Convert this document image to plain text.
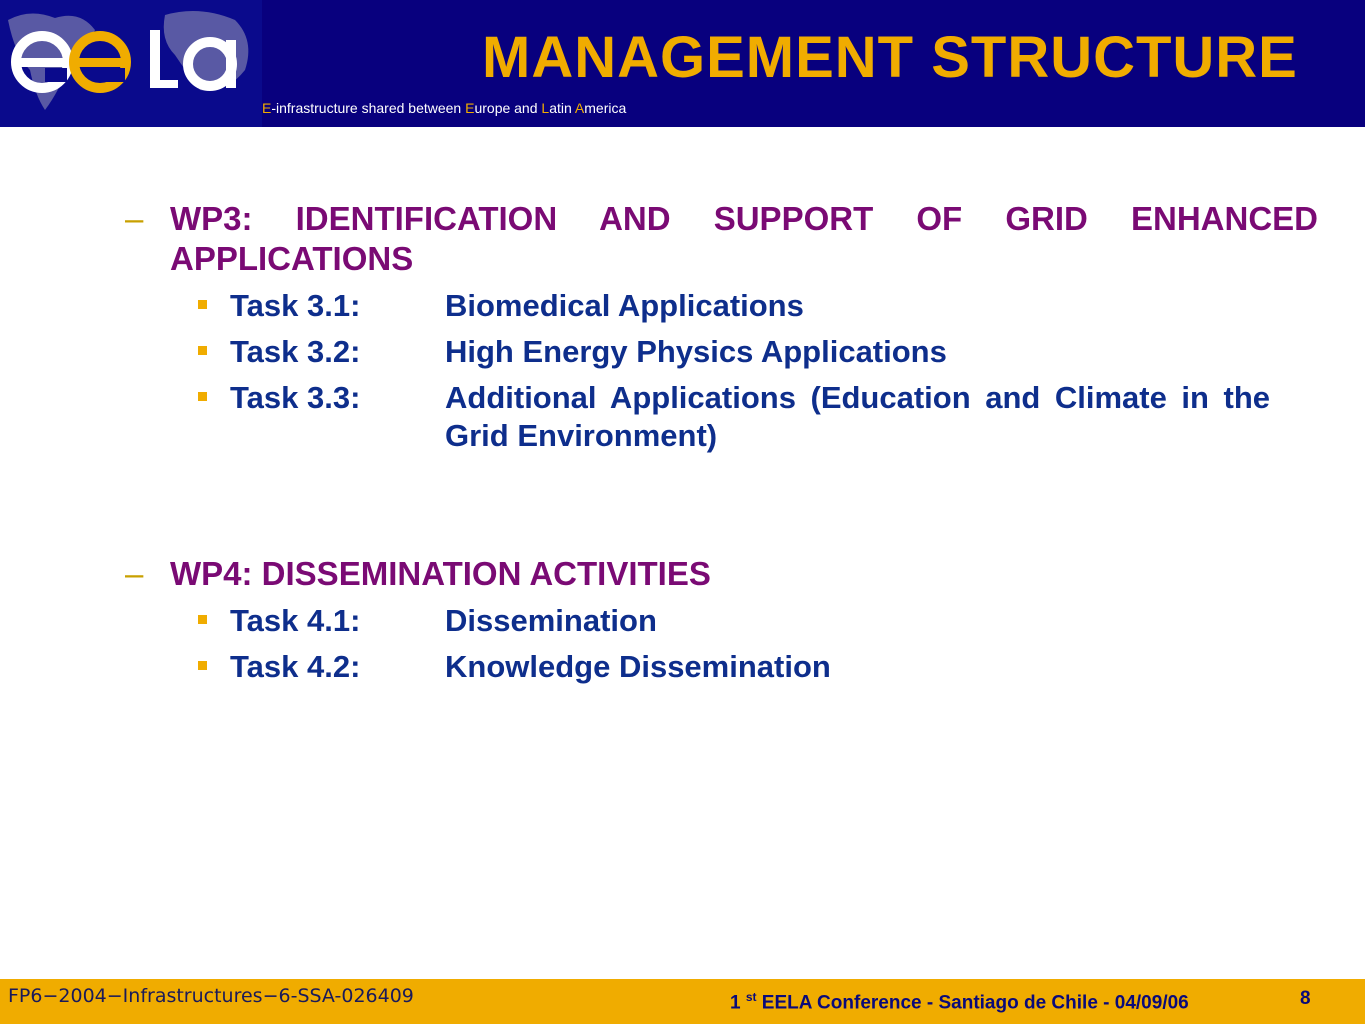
MANAGEMENT STRUCTURE
E-infrastructure shared between Europe and Latin America
– WP3: IDENTIFICATION AND SUPPORT OF GRID ENHANCED APPLICATIONS
Task 3.1:	Biomedical Applications
Task 3.2:	High Energy Physics Applications
Task 3.3:	Additional Applications (Education and Climate in the Grid Environment)
– WP4: DISSEMINATION ACTIVITIES
Task 4.1:	Dissemination
Task 4.2:	Knowledge Dissemination
FP6−2004−Infrastructures−6-SSA-026409	1 $^{st}$ EELA Conference - Santiago de Chile - 04/09/06	8
